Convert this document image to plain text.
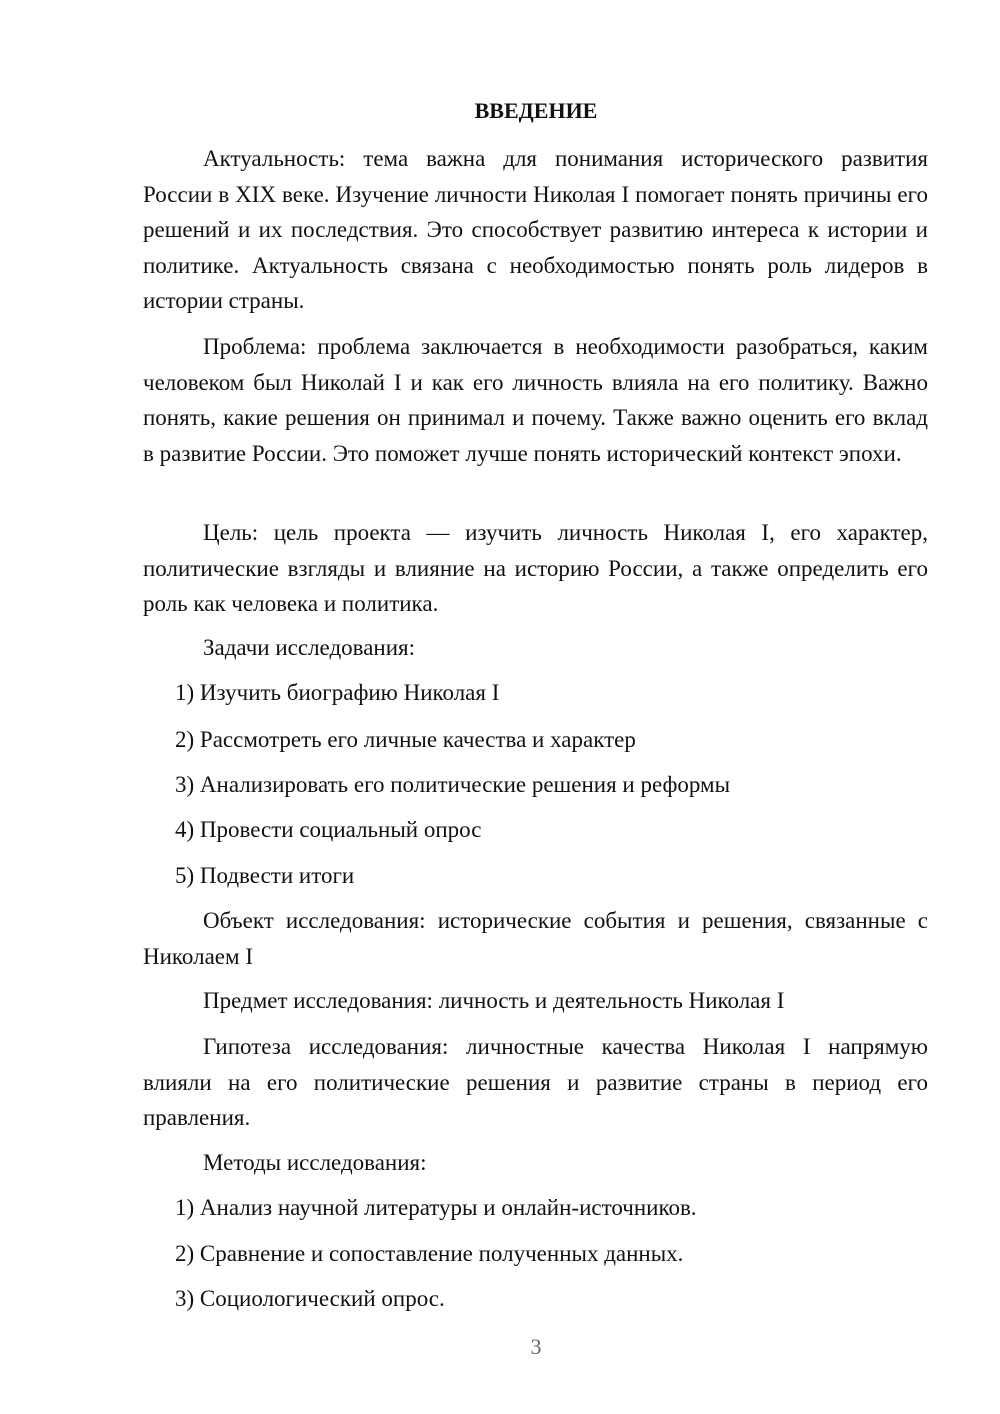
ВВЕДЕНИЕ

Актуальность: тема важна для понимания исторического развития России в XIX веке. Изучение личности Николая I помогает понять причины его решений и их последствия. Это способствует развитию интереса к истории и политике. Актуальность связана с необходимостью понять роль лидеров в истории страны.

Проблема: проблема заключается в необходимости разобраться, каким человеком был Николай I и как его личность влияла на его политику. Важно понять, какие решения он принимал и почему. Также важно оценить его вклад в развитие России. Это поможет лучше понять исторический контекст эпохи.

Цель: цель проекта — изучить личность Николая I, его характер, политические взгляды и влияние на историю России, а также определить его роль как человека и политика.

Задачи исследования:

1) Изучить биографию Николая I

2) Рассмотреть его личные качества и характер

3) Анализировать его политические решения и реформы

4) Провести социальный опрос

5) Подвести итоги

Объект исследования: исторические события и решения, связанные с Николаем I

Предмет исследования: личность и деятельность Николая I

Гипотеза исследования: личностные качества Николая I напрямую влияли на его политические решения и развитие страны в период его правления.

Методы исследования:

1) Анализ научной литературы и онлайн-источников.

2) Сравнение и сопоставление полученных данных.

3) Социологический опрос.

3
